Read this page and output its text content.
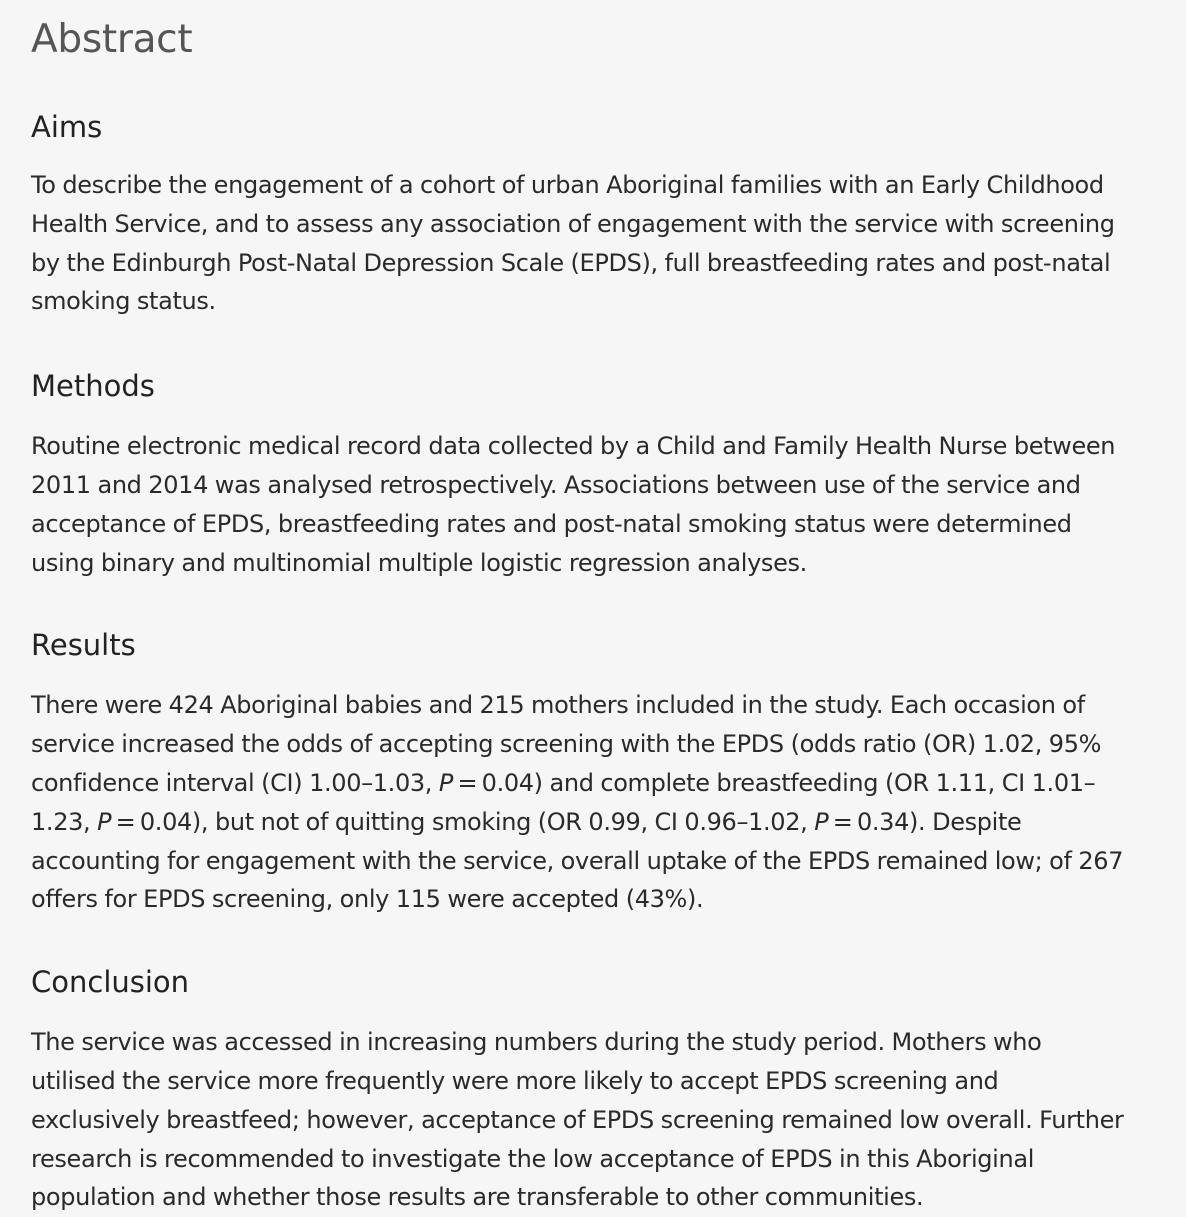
Abstract
Aims

To describe the engagement of a cohort of urban Aboriginal families with an Early Childhood
Health Service, and to assess any association of engagement with the service with screening
by the Edinburgh Post-Natal Depression Scale (EPDS), full breastfeeding rates and post-natal
smoking status.

Methods

Routine electronic medical record data collected by a Child and Family Health Nurse between
2011 and 2014 was analysed retrospectively. Associations between use of the service and
acceptance of EPDS, breastfeeding rates and post-natal smoking status were determined
using binary and multinomial multiple logistic regression analyses.

Results

There were 424 Aboriginal babies and 215 mothers included in the study. Each occasion of
service increased the odds of accepting screening with the EPDS (odds ratio (OR) 1.02, 95%
confidence interval (CI) 1.00–1.03, P = 0.04) and complete breastfeeding (OR 1.11, CI 1.01–
1.23, P = 0.04), but not of quitting smoking (OR 0.99, CI 0.96–1.02, P = 0.34). Despite
accounting for engagement with the service, overall uptake of the EPDS remained low; of 267
offers for EPDS screening, only 115 were accepted (43%).

Conclusion

The service was accessed in increasing numbers during the study period. Mothers who
utilised the service more frequently were more likely to accept EPDS screening and
exclusively breastfeed; however, acceptance of EPDS screening remained low overall. Further
research is recommended to investigate the low acceptance of EPDS in this Aboriginal
population and whether those results are transferable to other communities.
